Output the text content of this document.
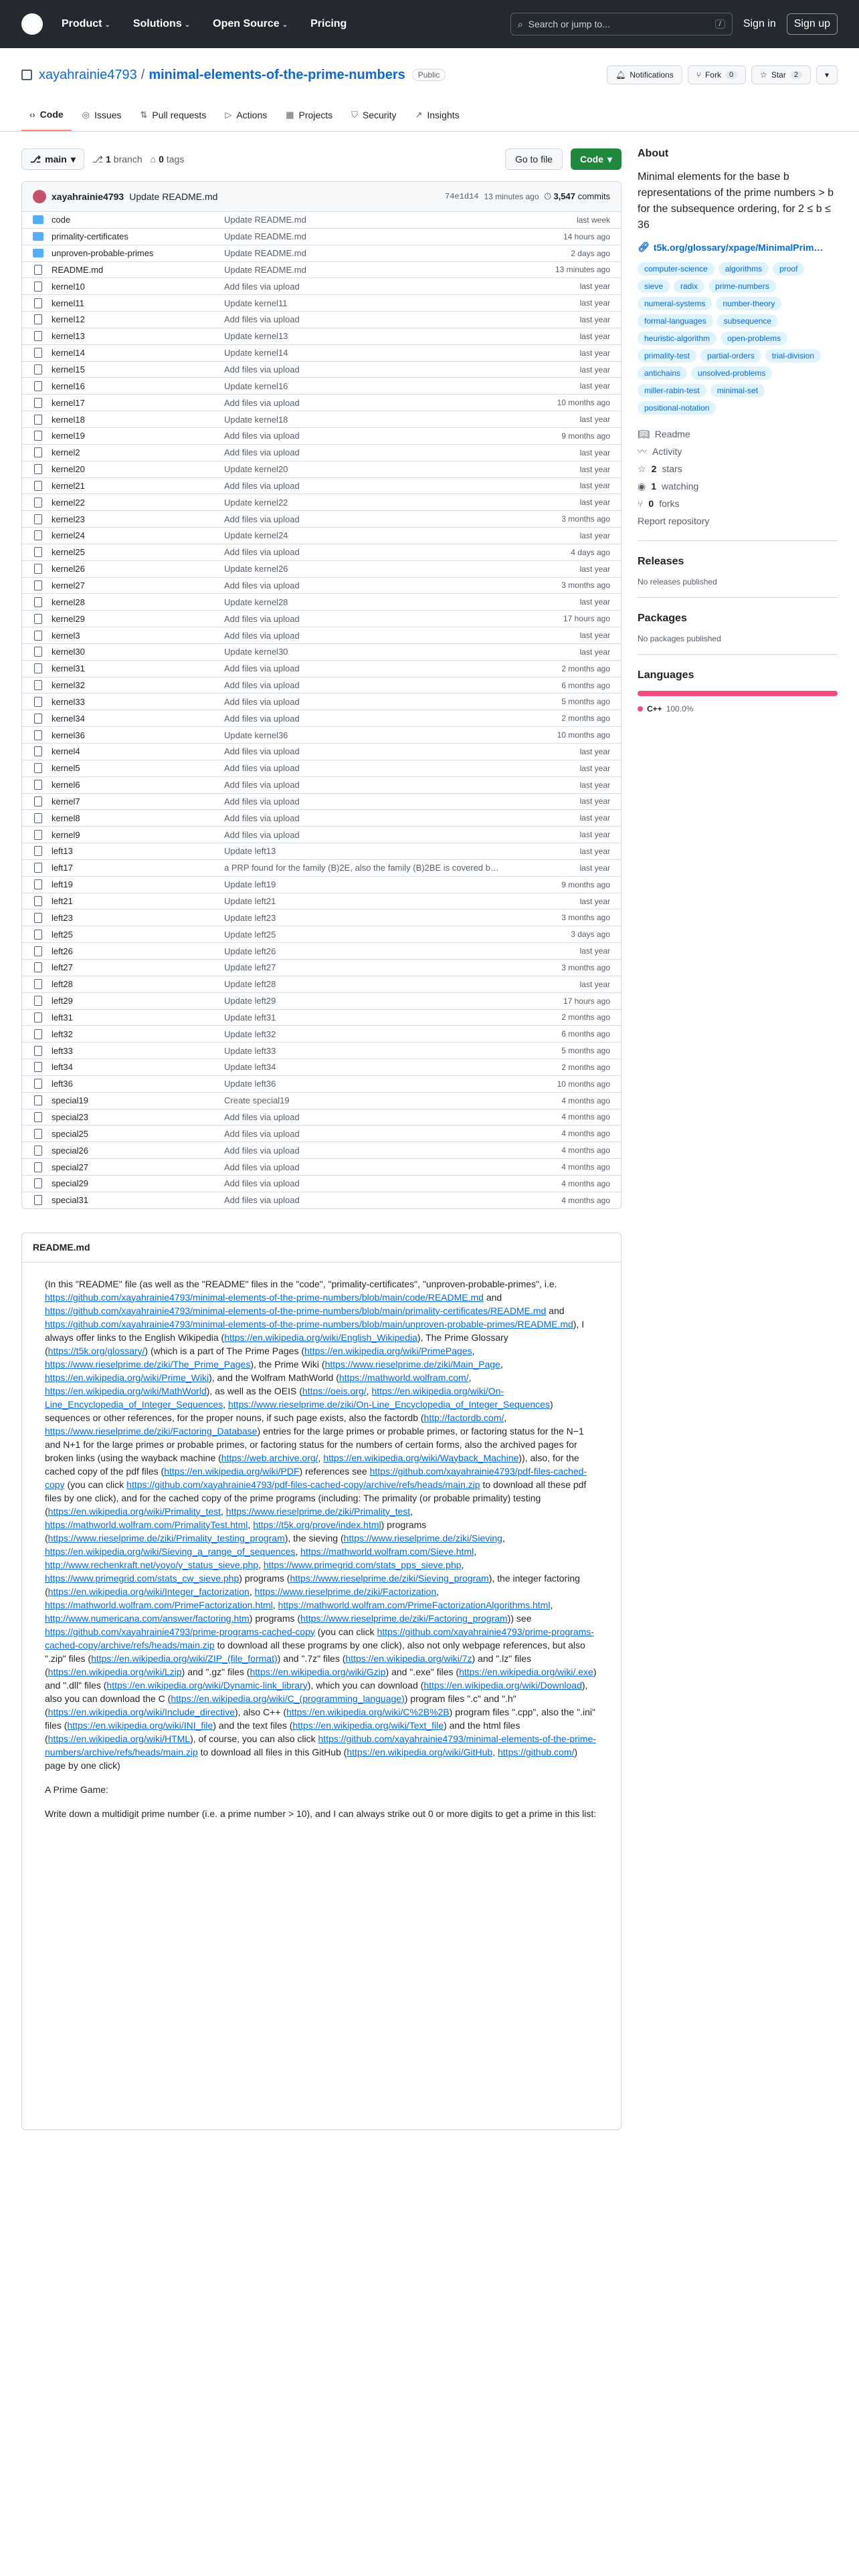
Product ⌄ Solutions ⌄ Open Source ⌄ Pricing	⌕ Search or jump to...	/	Sign in	Sign up
xayahrainie4793 / minimal-elements-of-the-prime-numbers	Public	🔔︎ Notifications	⑂ Fork	0	☆ Star	2	▾
‹› Code ◎ Issues ⇅ Pull requests ▷ Actions ▦ Projects ⛉ Security ↗ Insights
⎇ main ▾ ⎇ 1 branch ⌂ 0 tags	Go to file	Code ▾
xayahrainie4793 Update README.md	74e1d14 13 minutes ago 🕓︎ 3,547 commits
code	Update README.md	last week
primality-certificates	Update README.md	14 hours ago
unproven-probable-primes	Update README.md	2 days ago
README.md	Update README.md	13 minutes ago
kernel10	Add files via upload	last year
kernel11	Update kernel11	last year
kernel12	Add files via upload	last year
kernel13	Update kernel13	last year
kernel14	Update kernel14	last year
kernel15	Add files via upload	last year
kernel16	Update kernel16	last year
kernel17	Add files via upload	10 months ago
kernel18	Update kernel18	last year
kernel19	Add files via upload	9 months ago
kernel2	Add files via upload	last year
kernel20	Update kernel20	last year
kernel21	Add files via upload	last year
kernel22	Update kernel22	last year
kernel23	Add files via upload	3 months ago
kernel24	Update kernel24	last year
kernel25	Add files via upload	4 days ago
kernel26	Update kernel26	last year
kernel27	Add files via upload	3 months ago
kernel28	Update kernel28	last year
kernel29	Add files via upload	17 hours ago
kernel3	Add files via upload	last year
kernel30	Update kernel30	last year
kernel31	Add files via upload	2 months ago
kernel32	Add files via upload	6 months ago
kernel33	Add files via upload	5 months ago
kernel34	Add files via upload	2 months ago
kernel36	Update kernel36	10 months ago
kernel4	Add files via upload	last year
kernel5	Add files via upload	last year
kernel6	Add files via upload	last year
kernel7	Add files via upload	last year
kernel8	Add files via upload	last year
kernel9	Add files via upload	last year
left13	Update left13	last year
left17	a PRP found for the family (B)2E, also the family (B)2BE is covered b…	last year
left19	Update left19	9 months ago
left21	Update left21	last year
left23	Update left23	3 months ago
left25	Update left25	3 days ago
left26	Update left26	last year
left27	Update left27	3 months ago
left28	Update left28	last year
left29	Update left29	17 hours ago
left31	Update left31	2 months ago
left32	Update left32	6 months ago
left33	Update left33	5 months ago
left34	Update left34	2 months ago
left36	Update left36	10 months ago
special19	Create special19	4 months ago
special23	Add files via upload	4 months ago
special25	Add files via upload	4 months ago
special26	Add files via upload	4 months ago
special27	Add files via upload	4 months ago
special29	Add files via upload	4 months ago
special31	Add files via upload	4 months ago
README.md

(In this "README" file (as well as the "README" files in the "code", "primality-certificates", "unproven-probable-primes", i.e. https://github.com/xayahrainie4793/minimal-elements-of-the-prime-numbers/blob/main/code/README.md and https://github.com/xayahrainie4793/minimal-elements-of-the-prime-numbers/blob/main/primality-certificates/README.md and https://github.com/xayahrainie4793/minimal-elements-of-the-prime-numbers/blob/main/unproven-probable-primes/README.md), I always offer links to the English Wikipedia (https://en.wikipedia.org/wiki/English_Wikipedia), The Prime Glossary (https://t5k.org/glossary/) (which is a part of The Prime Pages (https://en.wikipedia.org/wiki/PrimePages, https://www.rieselprime.de/ziki/The_Prime_Pages), the Prime Wiki (https://www.rieselprime.de/ziki/Main_Page, https://en.wikipedia.org/wiki/Prime_Wiki), and the Wolfram MathWorld (https://mathworld.wolfram.com/, https://en.wikipedia.org/wiki/MathWorld), as well as the OEIS (https://oeis.org/, https://en.wikipedia.org/wiki/On-Line_Encyclopedia_of_Integer_Sequences, https://www.rieselprime.de/ziki/On-Line_Encyclopedia_of_Integer_Sequences) sequences or other references, for the proper nouns, if such page exists, also the factordb (http://factordb.com/, https://www.rieselprime.de/ziki/Factoring_Database) entries for the large primes or probable primes, or factoring status for the N−1 and N+1 for the large primes or probable primes, or factoring status for the numbers of certain forms, also the archived pages for broken links (using the wayback machine (https://web.archive.org/, https://en.wikipedia.org/wiki/Wayback_Machine)), also, for the cached copy of the pdf files (https://en.wikipedia.org/wiki/PDF) references see https://github.com/xayahrainie4793/pdf-files-cached-copy (you can click https://github.com/xayahrainie4793/pdf-files-cached-copy/archive/refs/heads/main.zip to download all these pdf files by one click), and for the cached copy of the prime programs (including: The primality (or probable primality) testing (https://en.wikipedia.org/wiki/Primality_test, https://www.rieselprime.de/ziki/Primality_test, https://mathworld.wolfram.com/PrimalityTest.html, https://t5k.org/prove/index.html) programs (https://www.rieselprime.de/ziki/Primality_testing_program), the sieving (https://www.rieselprime.de/ziki/Sieving, https://en.wikipedia.org/wiki/Sieving_a_range_of_sequences, https://mathworld.wolfram.com/Sieve.html, http://www.rechenkraft.net/yoyo/y_status_sieve.php, https://www.primegrid.com/stats_pps_sieve.php, https://www.primegrid.com/stats_cw_sieve.php) programs (https://www.rieselprime.de/ziki/Sieving_program), the integer factoring (https://en.wikipedia.org/wiki/Integer_factorization, https://www.rieselprime.de/ziki/Factorization, https://mathworld.wolfram.com/PrimeFactorization.html, https://mathworld.wolfram.com/PrimeFactorizationAlgorithms.html, http://www.numericana.com/answer/factoring.htm) programs (https://www.rieselprime.de/ziki/Factoring_program)) see https://github.com/xayahrainie4793/prime-programs-cached-copy (you can click https://github.com/xayahrainie4793/prime-programs-cached-copy/archive/refs/heads/main.zip to download all these programs by one click), also not only webpage references, but also ".zip" files (https://en.wikipedia.org/wiki/ZIP_(file_format)) and ".7z" files (https://en.wikipedia.org/wiki/7z) and ".lz" files (https://en.wikipedia.org/wiki/Lzip) and ".gz" files (https://en.wikipedia.org/wiki/Gzip) and ".exe" files (https://en.wikipedia.org/wiki/.exe) and ".dll" files (https://en.wikipedia.org/wiki/Dynamic-link_library), which you can download (https://en.wikipedia.org/wiki/Download), also you can download the C (https://en.wikipedia.org/wiki/C_(programming_language)) program files ".c" and ".h" (https://en.wikipedia.org/wiki/Include_directive), also C++ (https://en.wikipedia.org/wiki/C%2B%2B) program files ".cpp", also the ".ini" files (https://en.wikipedia.org/wiki/INI_file) and the text files (https://en.wikipedia.org/wiki/Text_file) and the html files (https://en.wikipedia.org/wiki/HTML), of course, you can also click https://github.com/xayahrainie4793/minimal-elements-of-the-prime-numbers/archive/refs/heads/main.zip to download all files in this GitHub (https://en.wikipedia.org/wiki/GitHub, https://github.com/) page by one click)

A Prime Game:

Write down a multidigit prime number (i.e. a prime number > 10), and I can always strike out 0 or more digits to get a prime in this list:

About
Minimal elements for the base b representations of the prime numbers > b for the subsequence ordering, for 2 ≤ b ≤ 36
🔗︎ t5k.org/glossary/xpage/MinimalPrim…
computer-science	algorithms	proof
sieve	radix	prime-numbers
numeral-systems	number-theory
formal-languages	subsequence
heuristic-algorithm	open-problems
primality-test	partial-orders	trial-division
antichains	unsolved-problems
miller-rabin-test	minimal-set
positional-notation
📖︎ Readme
〰 Activity
☆ 2 stars
◉ 1 watching
⑂ 0 forks
Report repository
Releases
No releases published
Packages
No packages published
Languages
C++ 100.0%
